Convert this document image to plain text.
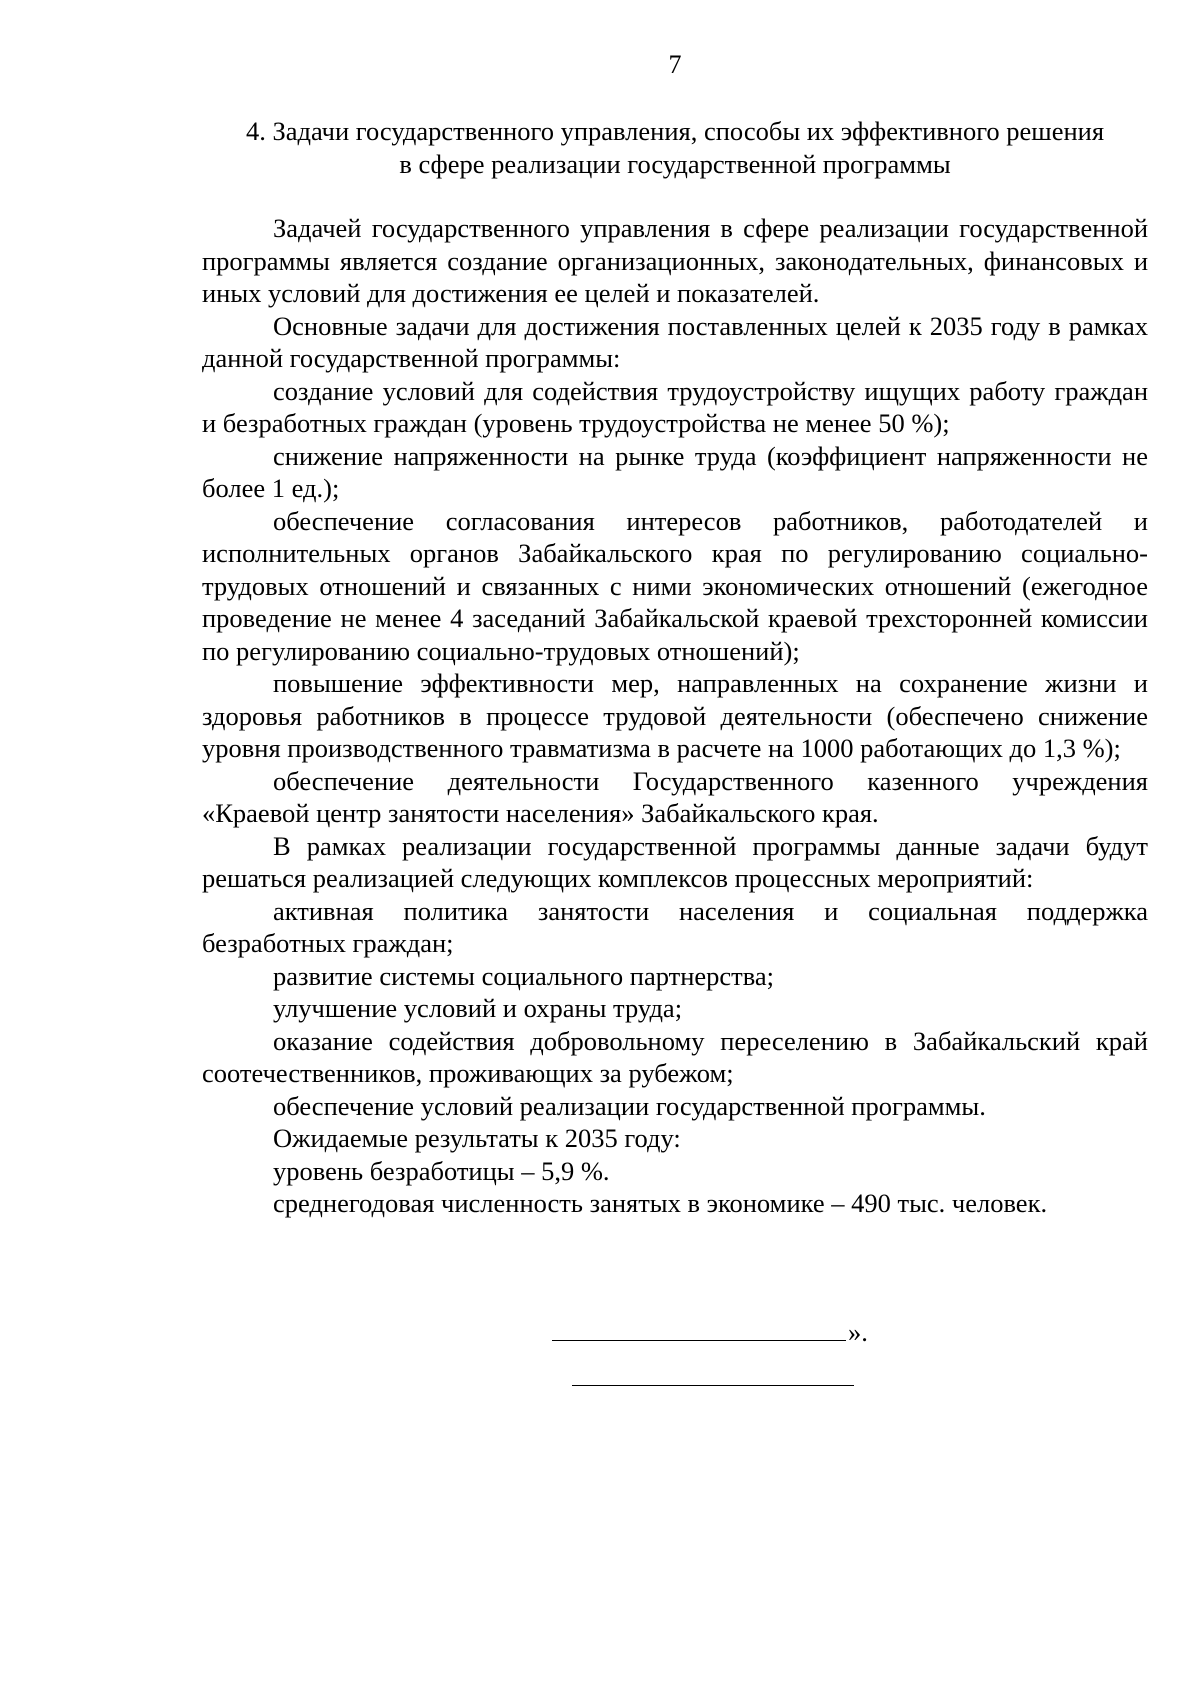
7
4. Задачи государственного управления, способы их эффективного решения
в сфере реализации государственной программы

Задачей государственного управления в сфере реализации государственной программы является создание организационных, законодательных, финансовых и иных условий для достижения ее целей и показателей.

Основные задачи для достижения поставленных целей к 2035 году в рамках данной государственной программы:

создание условий для содействия трудоустройству ищущих работу граждан и безработных граждан (уровень трудоустройства не менее 50 %);

снижение напряженности на рынке труда (коэффициент напряженности не более 1 ед.);

обеспечение согласования интересов работников, работодателей и исполнительных органов Забайкальского края по регулированию социально-трудовых отношений и связанных с ними экономических отношений (ежегодное проведение не менее 4 заседаний Забайкальской краевой трехсторонней комиссии по регулированию социально-трудовых отношений);

повышение эффективности мер, направленных на сохранение жизни и здоровья работников в процессе трудовой деятельности (обеспечено снижение уровня производственного травматизма в расчете на 1000 работающих до 1,3 %);

обеспечение деятельности Государственного казенного учреждения «Краевой центр занятости населения» Забайкальского края.

В рамках реализации государственной программы данные задачи будут решаться реализацией следующих комплексов процессных мероприятий:

активная политика занятости населения и социальная поддержка безработных граждан;

развитие системы социального партнерства;

улучшение условий и охраны труда;

оказание содействия добровольному переселению в Забайкальский край соотечественников, проживающих за рубежом;

обеспечение условий реализации государственной программы.

Ожидаемые результаты к 2035 году:

уровень безработицы – 5,9 %.

среднегодовая численность занятых в экономике – 490 тыс. человек.

».
